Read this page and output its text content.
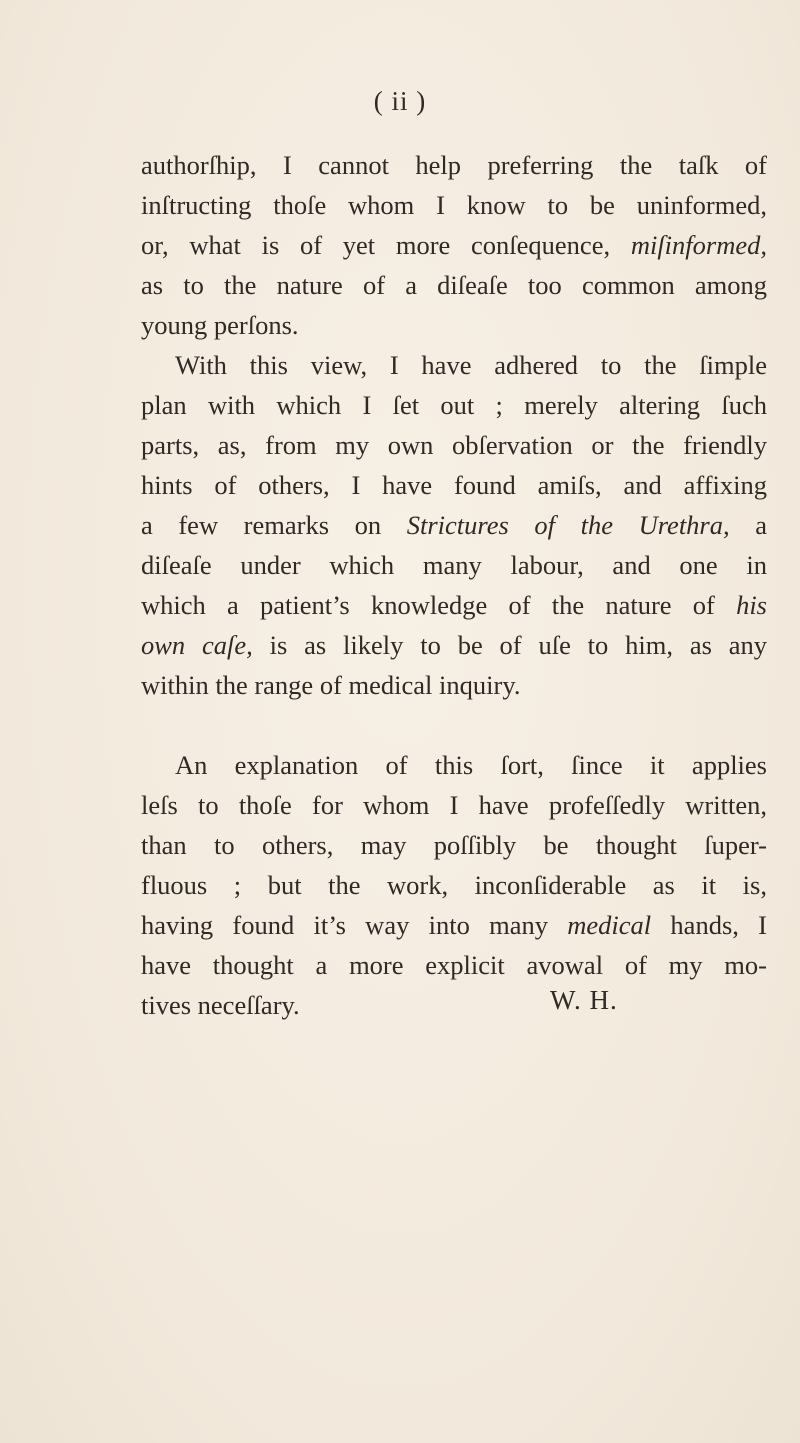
( ii )
authorſhip, I cannot help preferring the taſk of
inſtructing thoſe whom I know to be uninformed,
or, what is of yet more conſequence, miſinformed,
as to the nature of a diſeaſe too common among
young perſons.
With this view, I have adhered to the ſimple
plan with which I ſet out ; merely altering ſuch
parts, as, from my own obſervation or the friendly
hints of others, I have found amiſs, and affixing
a few remarks on Strictures of the Urethra, a
diſeaſe under which many labour, and one in
which a patient’s knowledge of the nature of his
own caſe, is as likely to be of uſe to him, as any
within the range of medical inquiry.
An explanation of this ſort, ſince it applies
leſs to thoſe for whom I have profeſſedly written,
than to others, may poſſibly be thought ſuper-
fluous ; but the work, inconſiderable as it is,
having found it’s way into many medical hands, I
have thought a more explicit avowal of my mo-
tives neceſſary.	W. H.
